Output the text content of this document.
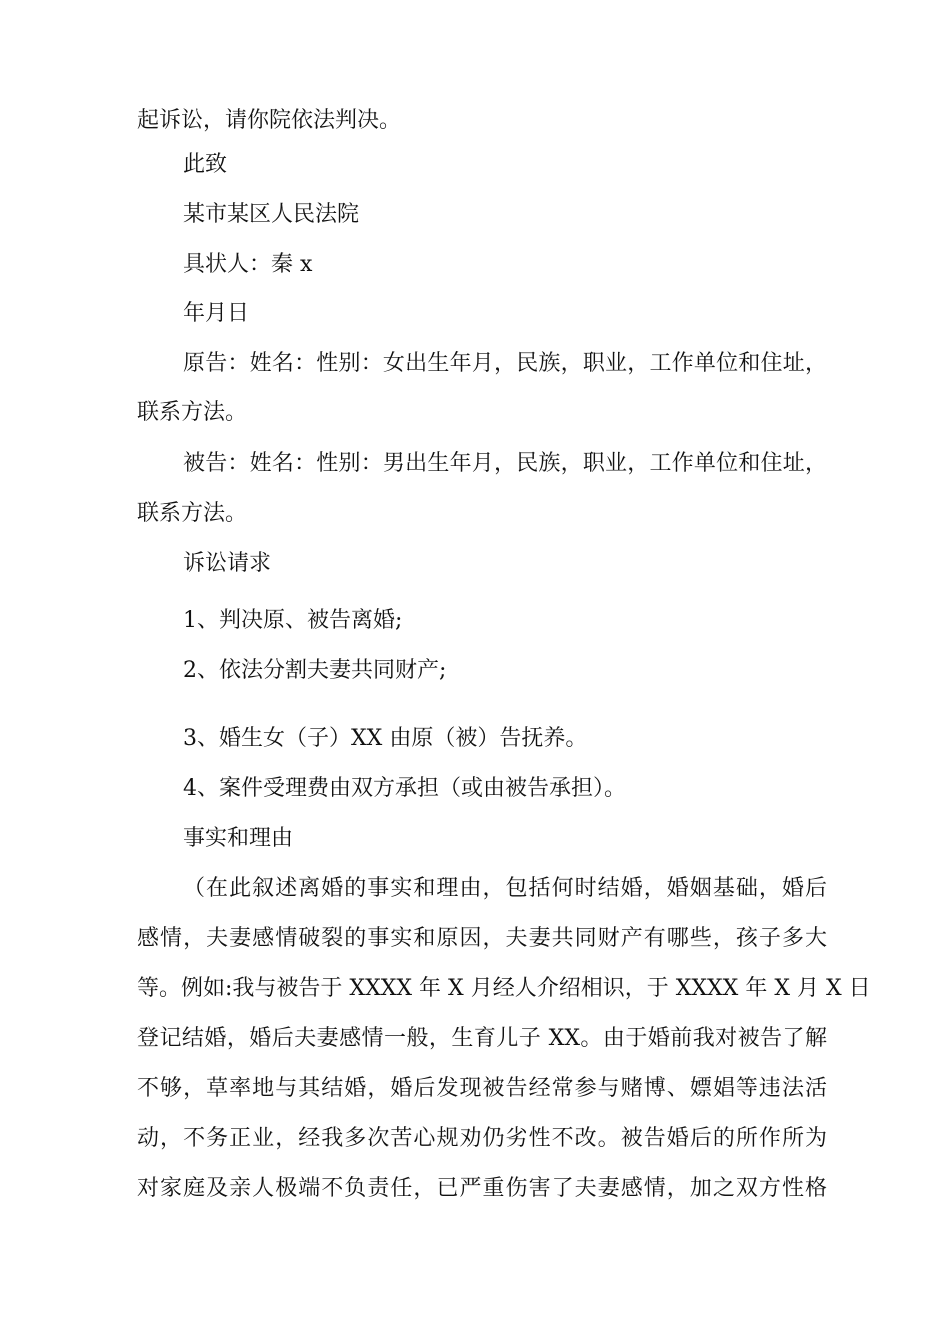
起诉讼，请你院依法判决。
此致
某市某区人民法院
具状人：秦 x
年月日
原告：姓名：性别：女出生年月，民族，职业，工作单位和住址，
联系方法。
被告：姓名：性别：男出生年月，民族，职业，工作单位和住址，
联系方法。
诉讼请求
1、判决原、被告离婚;
2、依法分割夫妻共同财产;
3、婚生女（子）XX 由原（被）告抚养。
4、案件受理费由双方承担（或由被告承担）。
事实和理由
（在此叙述离婚的事实和理由，包括何时结婚，婚姻基础，婚后
感情，夫妻感情破裂的事实和原因，夫妻共同财产有哪些，孩子多大
等。例如:我与被告于 XXXX 年 X 月经人介绍相识，于 XXXX 年 X 月 X 日
登记结婚，婚后夫妻感情一般，生育儿子 XX。由于婚前我对被告了解
不够，草率地与其结婚，婚后发现被告经常参与赌博、嫖娼等违法活
动，不务正业，经我多次苦心规劝仍劣性不改。被告婚后的所作所为
对家庭及亲人极端不负责任，已严重伤害了夫妻感情，加之双方性格
